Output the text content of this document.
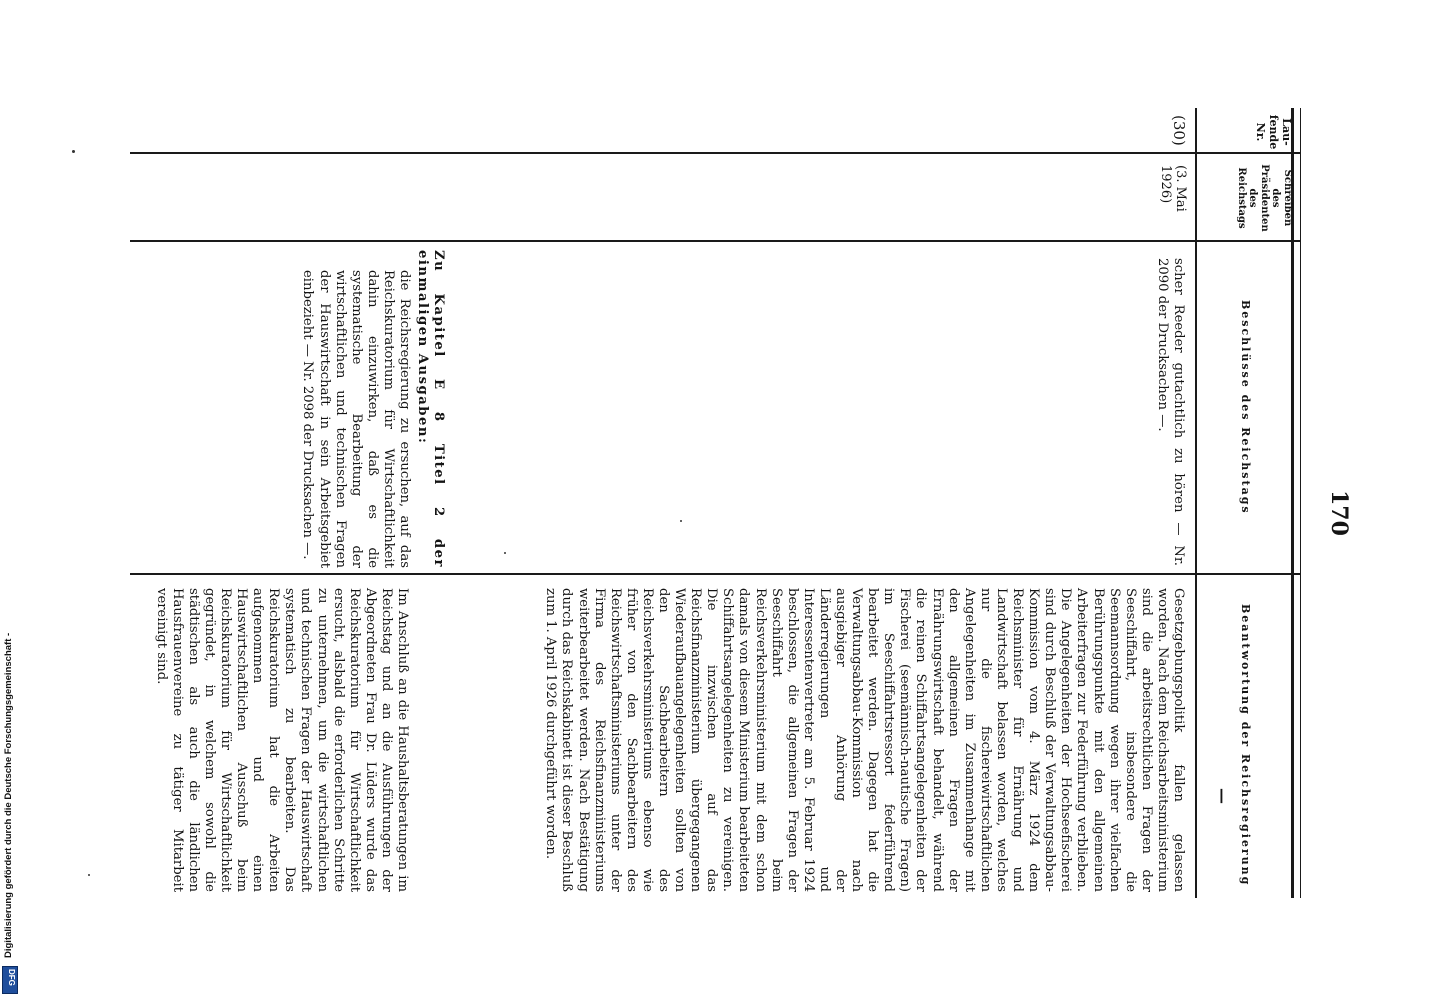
170
Lau-
fende
Nr.
Schreiben
des
Präsidenten
des
Reichstags
Beschlüsse des Reichstags
Beantwortung der Reichsregierung
—
(30)
(3. Mai
1926)
scher Reeder gutachtlich zu hören — Nr. 2090 der Drucksachen —.
Zu Kapitel E 8 Titel 2 der einmaligen Ausgaben:
die Reichsregierung zu ersuchen, auf das Reichskuratorium für Wirtschaftlichkeit dahin einzuwirken, daß es die systematische Bearbeitung der wirtschaftlichen und technischen Fragen der Hauswirtschaft in sein Arbeitsgebiet einbezieht — Nr. 2098 der Drucksachen —.
Gesetzgebungspolitik fallen gelassen worden. Nach dem Reichsarbeitsministerium sind die arbeitsrechtlichen Fragen der Seeschiffahrt, insbesondere die Seemannsordnung wegen ihrer vielfachen Berührungspunkte mit den allgemeinen Arbeiterfragen zur Federführung verblieben. Die Angelegenheiten der Hochseefischerei sind durch Beschluß der Verwaltungsabbau-Kommission vom 4. März 1924 dem Reichsminister für Ernährung und Landwirtschaft belassen worden, welches nur die fischereiwirtschaftlichen Angelegenheiten im Zusammenhange mit den allgemeinen Fragen der Ernährungswirtschaft behandelt, während die reinen Schiffahrtsangelegenheiten der Fischerei (seemännisch-nautische Fragen) im Seeschiffahrtsressort federführend bearbeitet werden. Dagegen hat die Verwaltungsabbau-Kommission nach ausgiebiger Anhörung der Länderregierungen und Interessentenvertreter am 5. Februar 1924 beschlossen, die allgemeinen Fragen der Seeschiffahrt beim Reichsverkehrsministerium mit dem schon damals von diesem Ministerium bearbeiteten Schiffahrtsangelegenheiten zu vereinigen. Die inzwischen auf das Reichsfinanzministerium übergegangenen Wiederaufbauangelegenheiten sollten von den Sachbearbeitern des Reichsverkehrsministeriums ebenso wie früher von den Sachbearbeitern des Reichswirtschaftsministeriums unter der Firma des Reichsfinanzministeriums weiterbearbeitet werden. Nach Bestätigung durch das Reichskabinett ist dieser Beschluß zum 1. April 1926 durchgeführt worden.
Im Anschluß an die Haushaltsberatungen im Reichstag und an die Ausführungen der Abgeordneten Frau Dr. Lüders wurde das Reichskuratorium für Wirtschaftlichkeit ersucht, alsbald die erforderlichen Schritte zu unternehmen, um die wirtschaftlichen und technischen Fragen der Hauswirtschaft systematisch zu bearbeiten. Das Reichskuratorium hat die Arbeiten aufgenommen und einen Hauswirtschaftlichen Ausschuß beim Reichskuratorium für Wirtschaftlichkeit gegründet, in welchem sowohl die städtischen als auch die ländlichen Hausfrauenvereine zu tätiger Mitarbeit vereinigt sind.
Digitalisierung gefördert durch die Deutsche Forschungsgemeinschaft -
DFG
